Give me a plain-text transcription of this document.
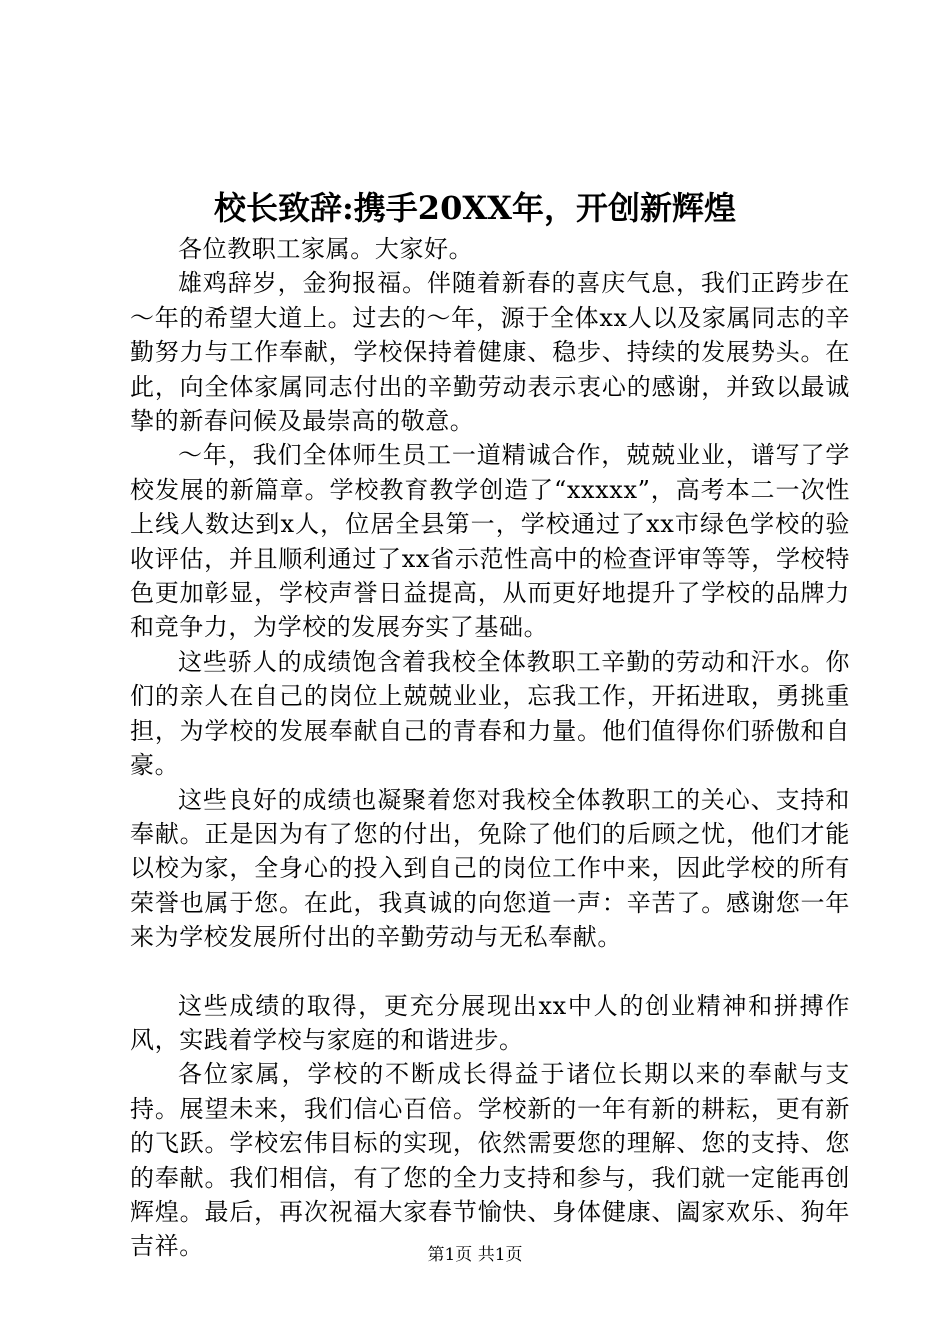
校长致辞:携手20XX年，开创新辉煌

各位教职工家属。大家好。

雄鸡辞岁，金狗报福。伴随着新春的喜庆气息，我们正跨步在～年的希望大道上。过去的～年，源于全体xx人以及家属同志的辛勤努力与工作奉献，学校保持着健康、稳步、持续的发展势头。在此，向全体家属同志付出的辛勤劳动表示衷心的感谢，并致以最诚挚的新春问候及最崇高的敬意。

～年，我们全体师生员工一道精诚合作，兢兢业业，谱写了学校发展的新篇章。学校教育教学创造了“xxxxx”，高考本二一次性上线人数达到x人，位居全县第一，学校通过了xx市绿色学校的验收评估，并且顺利通过了xx省示范性高中的检查评审等等，学校特色更加彰显，学校声誉日益提高，从而更好地提升了学校的品牌力和竞争力，为学校的发展夯实了基础。

这些骄人的成绩饱含着我校全体教职工辛勤的劳动和汗水。你们的亲人在自己的岗位上兢兢业业，忘我工作，开拓进取，勇挑重担，为学校的发展奉献自己的青春和力量。他们值得你们骄傲和自豪。

这些良好的成绩也凝聚着您对我校全体教职工的关心、支持和奉献。正是因为有了您的付出，免除了他们的后顾之忧，他们才能以校为家，全身心的投入到自己的岗位工作中来，因此学校的所有荣誉也属于您。在此，我真诚的向您道一声：辛苦了。感谢您一年来为学校发展所付出的辛勤劳动与无私奉献。

这些成绩的取得，更充分展现出xx中人的创业精神和拼搏作风，实践着学校与家庭的和谐进步。

各位家属，学校的不断成长得益于诸位长期以来的奉献与支持。展望未来，我们信心百倍。学校新的一年有新的耕耘，更有新的飞跃。学校宏伟目标的实现，依然需要您的理解、您的支持、您的奉献。我们相信，有了您的全力支持和参与，我们就一定能再创辉煌。最后，再次祝福大家春节愉快、身体健康、阖家欢乐、狗年吉祥。	第1页 共1页
